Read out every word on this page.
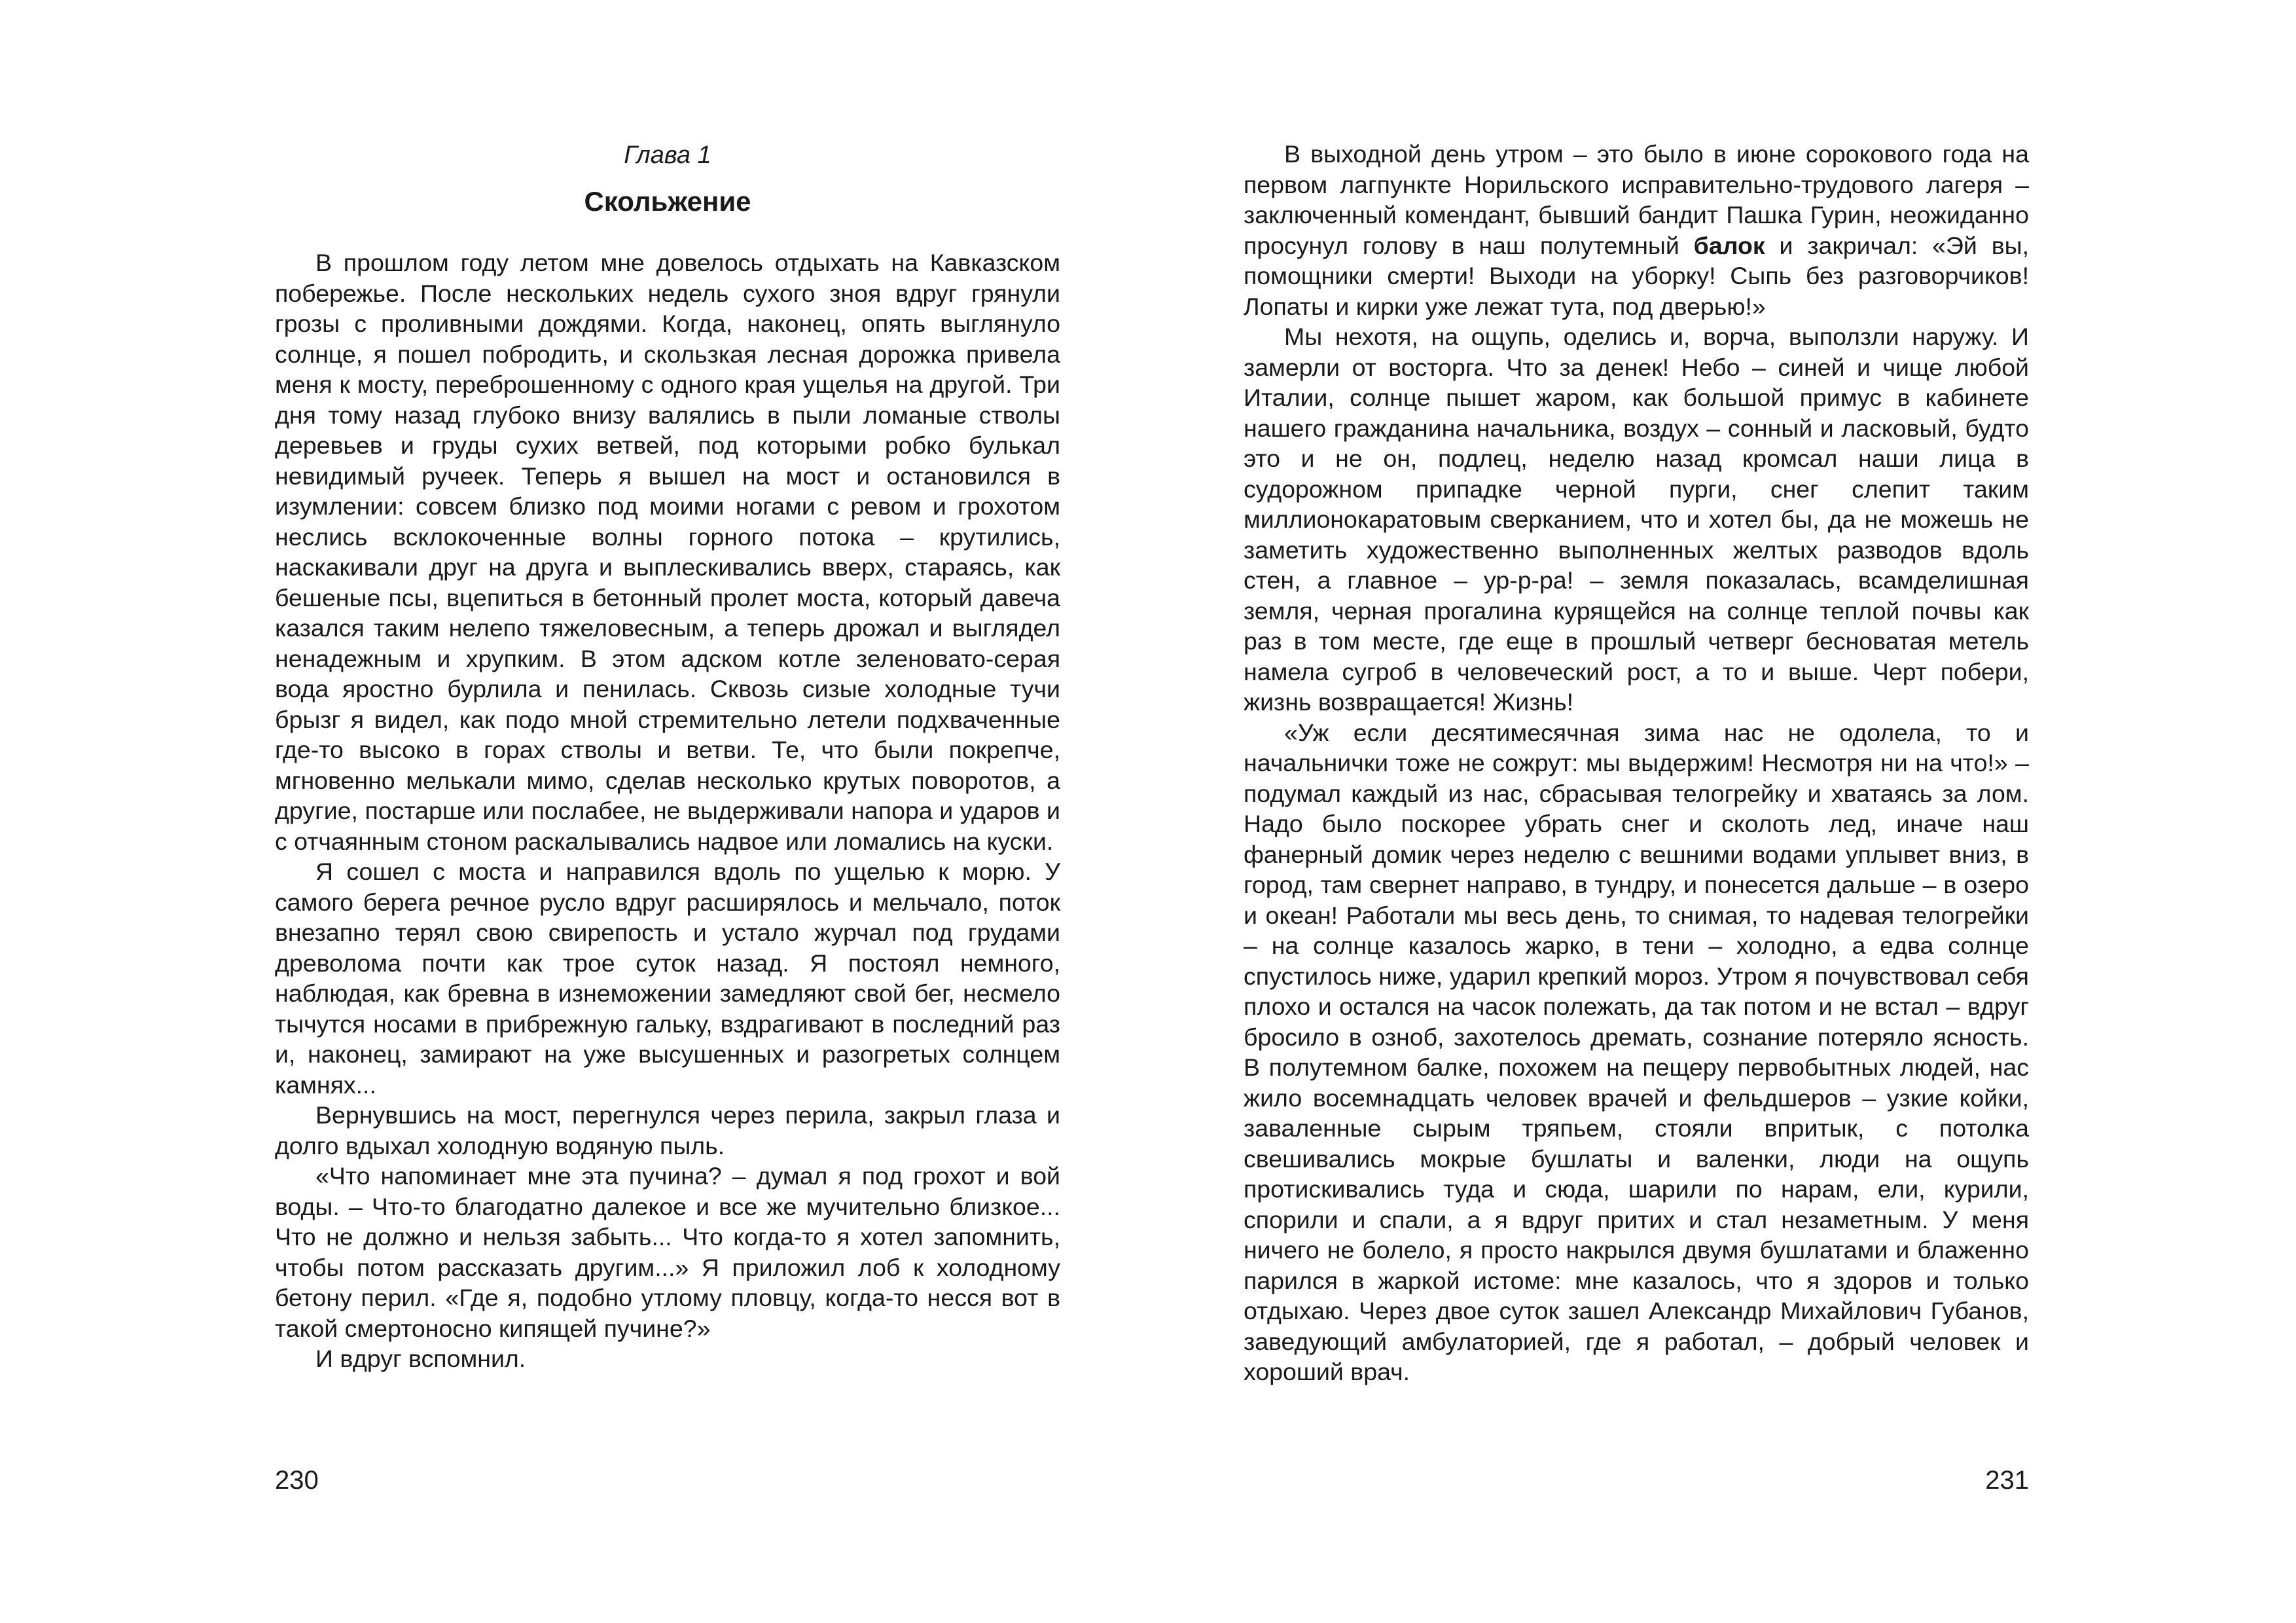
Глава 1
Скольжение

В прошлом году летом мне довелось отдыхать на Кавказском побережье. После нескольких недель сухого зноя вдруг грянули грозы с проливными дождями. Когда, наконец, опять выглянуло солнце, я пошел побродить, и скользкая лесная дорожка привела меня к мосту, переброшенному с одного края ущелья на другой. Три дня тому назад глубоко внизу валялись в пыли ломаные стволы деревьев и груды сухих ветвей, под которыми робко булькал невидимый ручеек. Теперь я вышел на мост и остановился в изумлении: совсем близко под моими ногами с ревом и грохотом неслись всклокоченные волны горного потока – крутились, наскакивали друг на друга и выплескивались вверх, стараясь, как бешеные псы, вцепиться в бетонный пролет моста, который давеча казался таким нелепо тяжеловесным, а теперь дрожал и выглядел ненадежным и хрупким. В этом адском котле зеленовато-серая вода яростно бурлила и пенилась. Сквозь сизые холодные тучи брызг я видел, как подо мной стремительно летели подхваченные где-то высоко в горах стволы и ветви. Те, что были покрепче, мгновенно мелькали мимо, сделав несколько крутых поворотов, а другие, постарше или послабее, не выдерживали напора и ударов и с отчаянным стоном раскалывались надвое или ломались на куски.

Я сошел с моста и направился вдоль по ущелью к морю. У самого берега речное русло вдруг расширялось и мельчало, поток внезапно терял свою свирепость и устало журчал под грудами древолома почти как трое суток назад. Я постоял немного, наблюдая, как бревна в изнеможении замедляют свой бег, несмело тычутся носами в прибрежную гальку, вздрагивают в последний раз и, наконец, замирают на уже высушенных и разогретых солнцем камнях...

Вернувшись на мост, перегнулся через перила, закрыл глаза и долго вдыхал холодную водяную пыль.

«Что напоминает мне эта пучина? – думал я под грохот и вой воды. – Что-то благодатно далекое и все же мучительно близкое... Что не должно и нельзя забыть... Что когда-то я хотел запомнить, чтобы потом рассказать другим...» Я приложил лоб к холодному бетону перил. «Где я, подобно утлому пловцу, когда-то несся вот в такой смертоносно кипящей пучине?»

И вдруг вспомнил.

230

В выходной день утром – это было в июне сорокового года на первом лагпункте Норильского исправительно-трудового лагеря – заключенный комендант, бывший бандит Пашка Гурин, неожиданно просунул голову в наш полутемный балок и закричал: «Эй вы, помощники смерти! Выходи на уборку! Сыпь без разговорчиков! Лопаты и кирки уже лежат тута, под дверью!»

Мы нехотя, на ощупь, оделись и, ворча, выползли наружу. И замерли от восторга. Что за денек! Небо – синей и чище любой Италии, солнце пышет жаром, как большой примус в кабинете нашего гражданина начальника, воздух – сонный и ласковый, будто это и не он, подлец, неделю назад кромсал наши лица в судорожном припадке черной пурги, снег слепит таким миллионокаратовым сверканием, что и хотел бы, да не можешь не заметить художественно выполненных желтых разводов вдоль стен, а главное – ур-р-ра! – земля показалась, всамделишная земля, черная прогалина курящейся на солнце теплой почвы как раз в том месте, где еще в прошлый четверг бесноватая метель намела сугроб в человеческий рост, а то и выше. Черт побери, жизнь возвращается! Жизнь!

«Уж если десятимесячная зима нас не одолела, то и начальнички тоже не сожрут: мы выдержим! Несмотря ни на что!» – подумал каждый из нас, сбрасывая телогрейку и хватаясь за лом. Надо было поскорее убрать снег и сколоть лед, иначе наш фанерный домик через неделю с вешними водами уплывет вниз, в город, там свернет направо, в тундру, и понесется дальше – в озеро и океан! Работали мы весь день, то снимая, то надевая телогрейки – на солнце казалось жарко, в тени – холодно, а едва солнце спустилось ниже, ударил крепкий мороз. Утром я почувствовал себя плохо и остался на часок полежать, да так потом и не встал – вдруг бросило в озноб, захотелось дремать, сознание потеряло ясность. В полутемном балке, похожем на пещеру первобытных людей, нас жило восемнадцать человек врачей и фельдшеров – узкие койки, заваленные сырым тряпьем, стояли впритык, с потолка свешивались мокрые бушлаты и валенки, люди на ощупь протискивались туда и сюда, шарили по нарам, ели, курили, спорили и спали, а я вдруг притих и стал незаметным. У меня ничего не болело, я просто накрылся двумя бушлатами и блаженно парился в жаркой истоме: мне казалось, что я здоров и только отдыхаю. Через двое суток зашел Александр Михайлович Губанов, заведующий амбулаторией, где я работал, – добрый человек и хороший врач.

231
